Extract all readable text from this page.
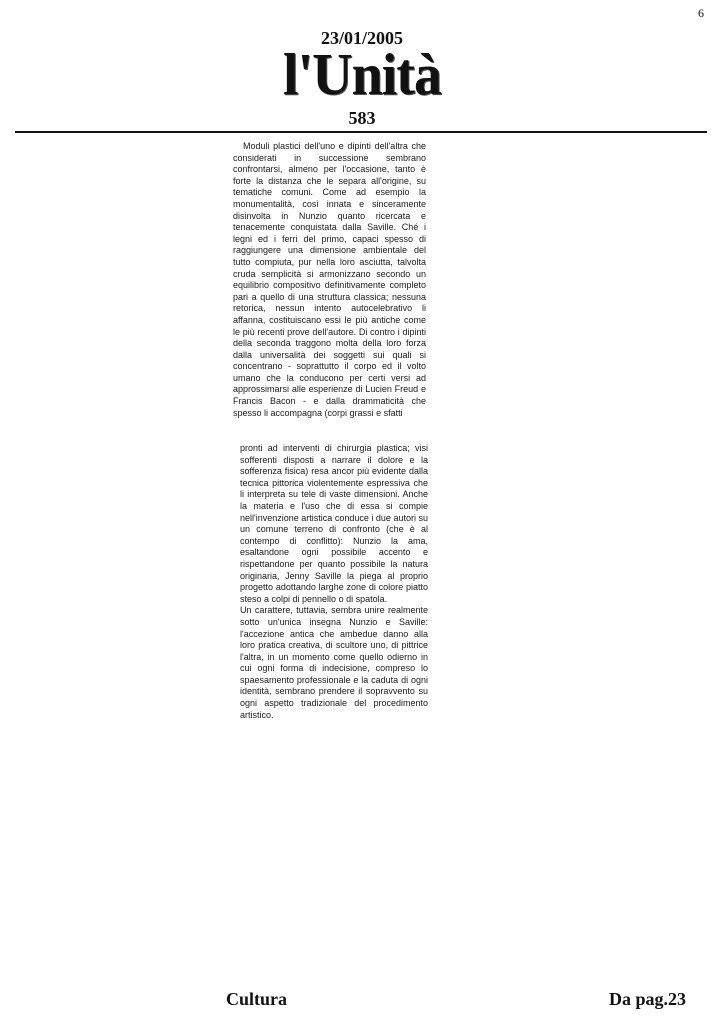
6
23/01/2005
l'Unità
583

Moduli plastici dell'uno e dipinti dell'altra che considerati in successione sembrano confrontarsi, almeno per l'occasione, tanto è forte la distanza che le separa all'origine, su tematiche comuni. Come ad esempio la monumentalità, così innata e sinceramente disinvolta in Nunzio quanto ricercata e tenacemente conquistata dalla Saville. Ché i legni ed i ferri del primo, capaci spesso di raggiungere una dimensione ambientale del tutto compiuta, pur nella loro asciutta, talvolta cruda semplicità si armonizzano secondo un equilibrio compositivo definitivamente completo pari a quello di una struttura classica; nessuna retorica, nessun intento autocelebrativo li affanna, costituiscano essi le più antiche come le più recenti prove dell'autore. Di contro i dipinti della seconda traggono molta della loro forza dalla universalità dei soggetti sui quali si concentrano - soprattutto il corpo ed il volto umano che la conducono per certi versi ad approssimarsi alle esperienze di Lucien Freud e Francis Bacon - e dalla drammaticità che spesso li accompagna (corpi grassi e sfatti

pronti ad interventi di chirurgia plastica; visi sofferenti disposti a narrare il dolore e la sofferenza fisica) resa ancor più evidente dalla tecnica pittorica violentemente espressiva che li interpreta su tele di vaste dimensioni. Anche la materia e l'uso che di essa si compie nell'invenzione artistica conduce i due autori su un comune terreno di confronto (che è al contempo di conflitto): Nunzio la ama, esaltandone ogni possibile accento e rispettandone per quanto possibile la natura originaria, Jenny Saville la piega al proprio progetto adottando larghe zone di colore piatto steso a colpi di pennello o di spatola.

Un carattere, tuttavia, sembra unire realmente sotto un'unica insegna Nunzio e Saville: l'accezione antica che ambedue danno alla loro pratica creativa, di scultore uno, di pittrice l'altra, in un momento come quello odierno in cui ogni forma di indecisione, compreso lo spaesamento professionale e la caduta di ogni identità, sembrano prendere il sopravvento su ogni aspetto tradizionale del procedimento artistico.

Cultura	Da pag.23
